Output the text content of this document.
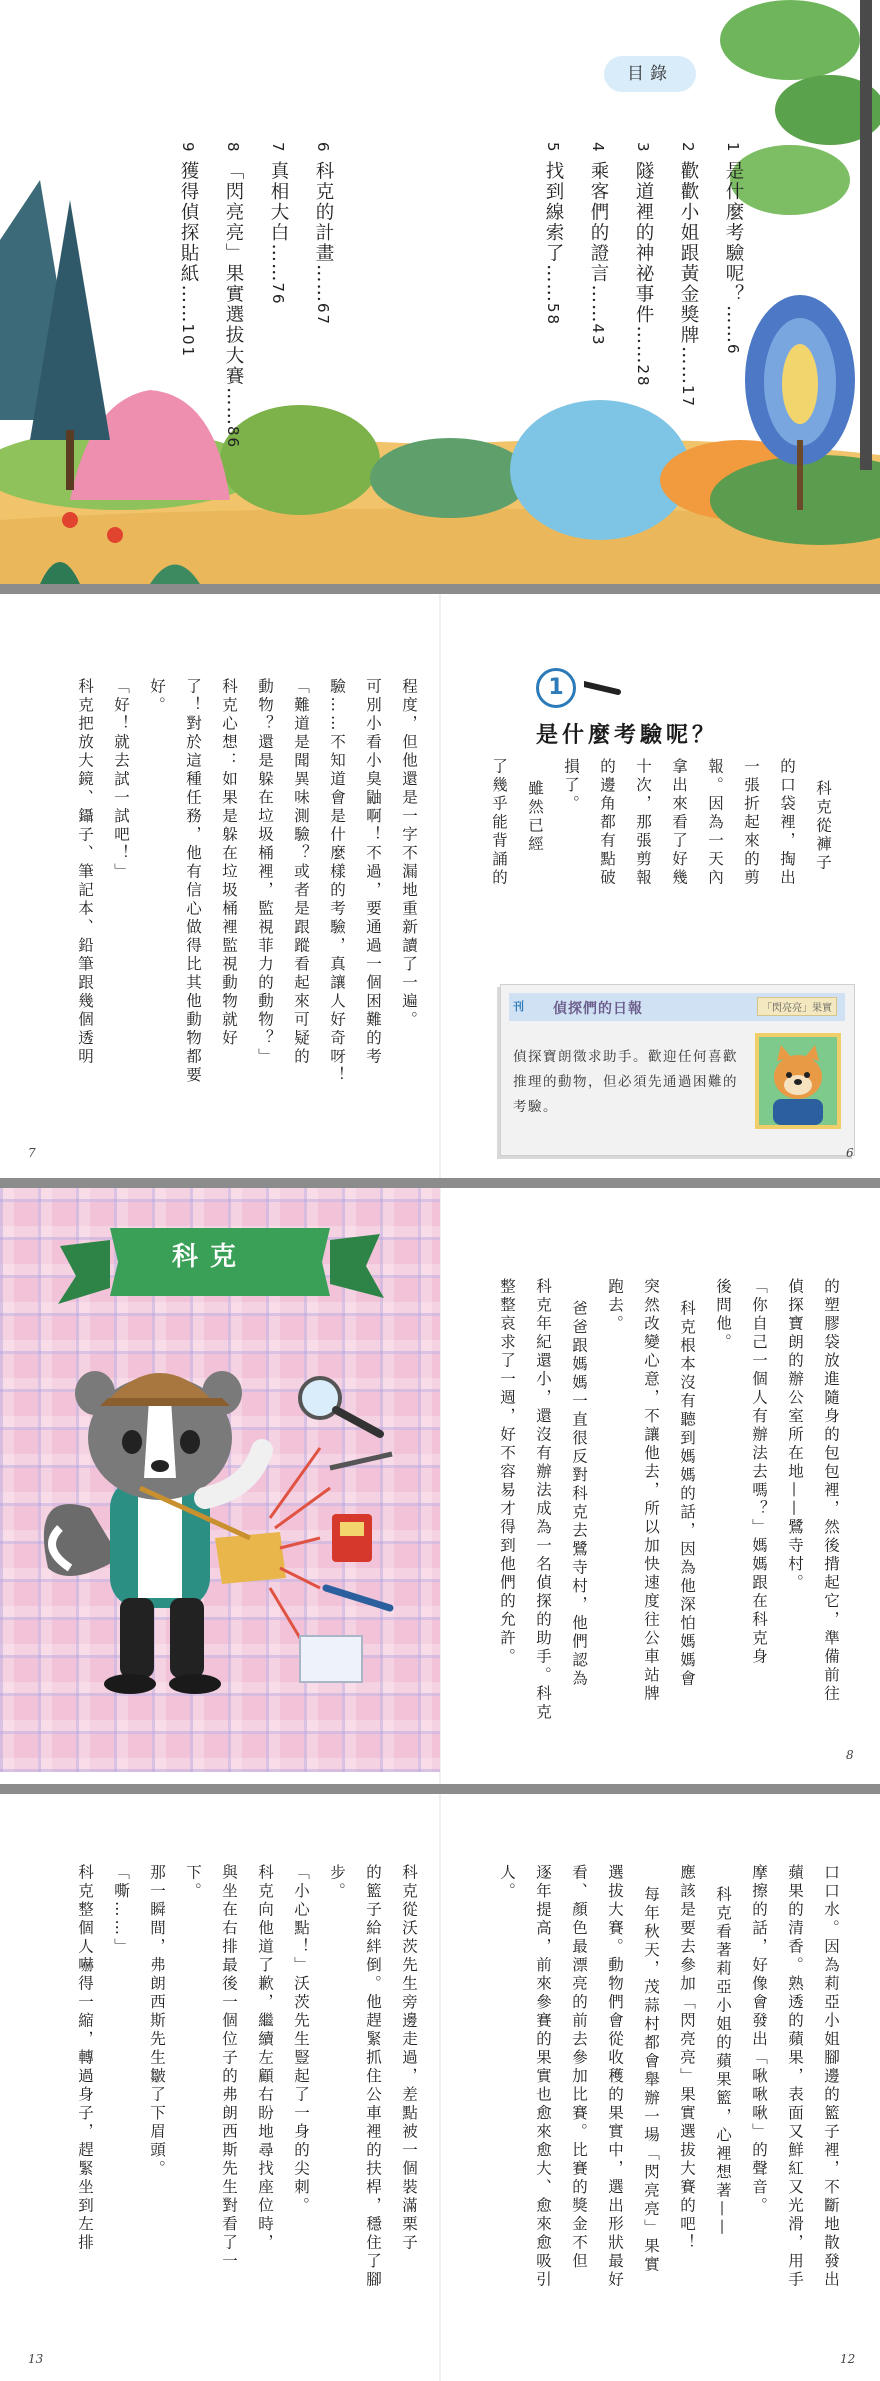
目錄
1 是什麼考驗呢？……6
2 歡歡小姐跟黃金獎牌……17
3 隧道裡的神祕事件……28
4 乘客們的證言……43
5 找到線索了……58
6 科克的計畫……67
7 真相大白……76
8 「閃亮亮」果實選拔大賽……86
9 獲得偵探貼紙……101
程度，但他還是一字不漏地重新讀了一遍。
可別小看小臭鼬啊！不過，要通過一個困難的考
驗……不知道會是什麼樣的考驗，真讓人好奇呀！
「難道是聞異味測驗？或者是跟蹤看起來可疑的
動物？還是躲在垃圾桶裡，監視菲力的動物？」
科克心想：如果是躲在垃圾桶裡監視動物就好
了！對於這種任務，他有信心做得比其他動物都要
好。
「好！就去試一試吧！」
科克把放大鏡、鑷子、筆記本、鉛筆跟幾個透明
7
1
是什麼考驗呢？
科克從褲子
的口袋裡，掏出
一張折起來的剪
報。因為一天內
拿出來看了好幾
十次，那張剪報
的邊角都有點破
損了。
雖然已經
了幾乎能背誦的
刊 偵探們的日報	「閃亮亮」果實
偵探寶朗徵求助手。歡迎任何喜歡推理的動物，但必須先通過困難的考驗。
6
科克
的塑膠袋放進隨身的包包裡，然後揹起它，準備前往
偵探寶朗的辦公室所在地——鷺寺村。
「你自己一個人有辦法去嗎？」媽媽跟在科克身
後問他。
科克根本沒有聽到媽媽的話，因為他深怕媽媽會
突然改變心意，不讓他去，所以加快速度往公車站牌
跑去。
爸爸跟媽媽一直很反對科克去鷺寺村，他們認為
科克年紀還小，還沒有辦法成為一名偵探的助手。科克
整整哀求了一週，好不容易才得到他們的允許。
8
科克從沃茨先生旁邊走過，差點被一個裝滿栗子
的籃子給絆倒。他趕緊抓住公車裡的扶桿，穩住了腳
步。
「小心點！」沃茨先生豎起了一身的尖刺。
科克向他道了歉，繼續左顧右盼地尋找座位時，
與坐在右排最後一個位子的弗朗西斯先生對看了一
下。
那一瞬間，弗朗西斯先生皺了下眉頭。
「嘶……」
科克整個人嚇得一縮，轉過身子，趕緊坐到左排
13
口口水。因為莉亞小姐腳邊的籃子裡，不斷地散發出
蘋果的清香。熟透的蘋果，表面又鮮紅又光滑，用手
摩擦的話，好像會發出「啾啾啾」的聲音。
科克看著莉亞小姐的蘋果籃，心裡想著——
應該是要去參加「閃亮亮」果實選拔大賽的吧！
每年秋天，茂蒜村都會舉辦一場「閃亮亮」果實
選拔大賽。動物們會從收穫的果實中，選出形狀最好
看、顏色最漂亮的前去參加比賽。比賽的獎金不但
逐年提高，前來參賽的果實也愈來愈大、愈來愈吸引
人。
12
